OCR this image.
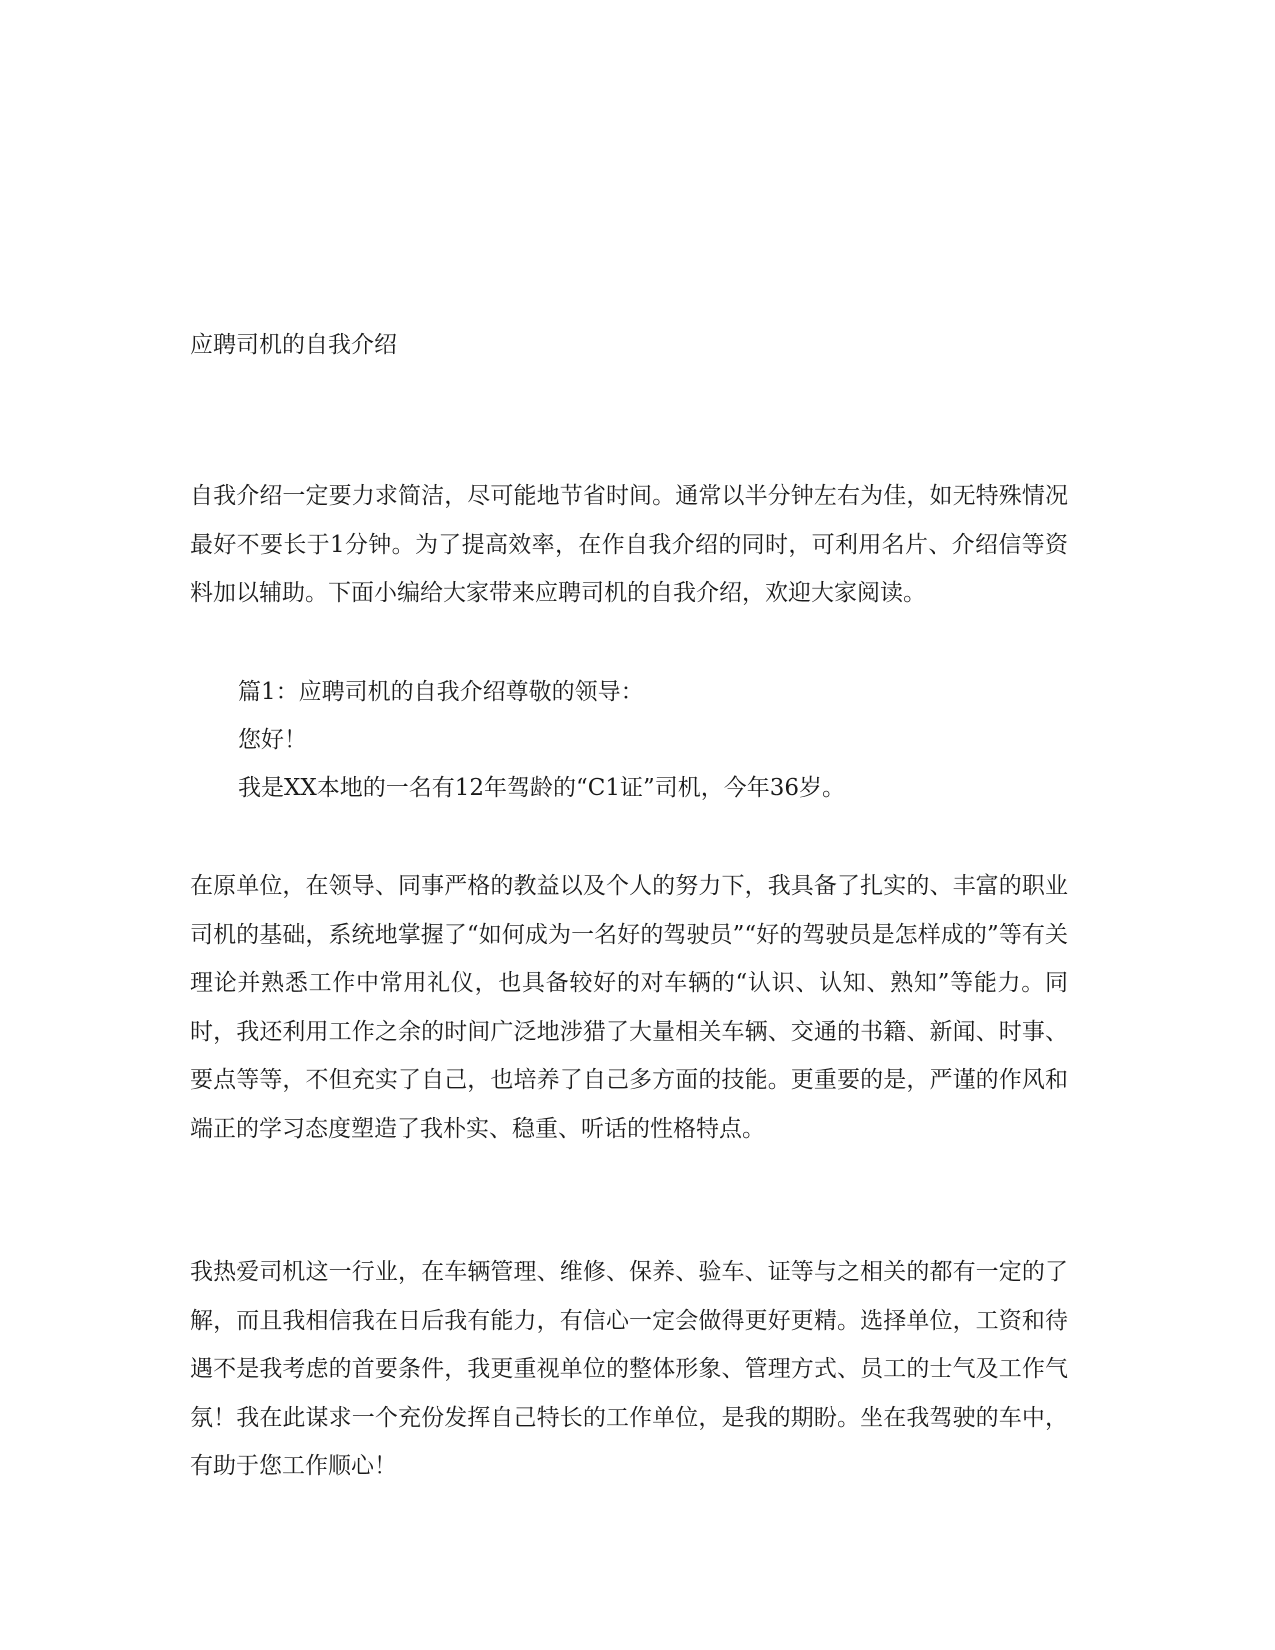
应聘司机的自我介绍

自我介绍一定要力求简洁，尽可能地节省时间。通常以半分钟左右为佳，如无特殊情况最好不要长于1分钟。为了提高效率，在作自我介绍的同时，可利用名片、介绍信等资料加以辅助。下面小编给大家带来应聘司机的自我介绍，欢迎大家阅读。

篇1：应聘司机的自我介绍尊敬的领导：

您好！

我是XX本地的一名有12年驾龄的“C1证”司机，今年36岁。

在原单位，在领导、同事严格的教益以及个人的努力下，我具备了扎实的、丰富的职业司机的基础，系统地掌握了“如何成为一名好的驾驶员”“好的驾驶员是怎样成的”等有关理论并熟悉工作中常用礼仪，也具备较好的对车辆的“认识、认知、熟知”等能力。同时，我还利用工作之余的时间广泛地涉猎了大量相关车辆、交通的书籍、新闻、时事、要点等等，不但充实了自己，也培养了自己多方面的技能。更重要的是，严谨的作风和端正的学习态度塑造了我朴实、稳重、听话的性格特点。

我热爱司机这一行业，在车辆管理、维修、保养、验车、证等与之相关的都有一定的了解，而且我相信我在日后我有能力，有信心一定会做得更好更精。选择单位，工资和待遇不是我考虑的首要条件，我更重视单位的整体形象、管理方式、员工的士气及工作气氛！我在此谋求一个充份发挥自己特长的工作单位，是我的期盼。坐在我驾驶的车中，有助于您工作顺心！
